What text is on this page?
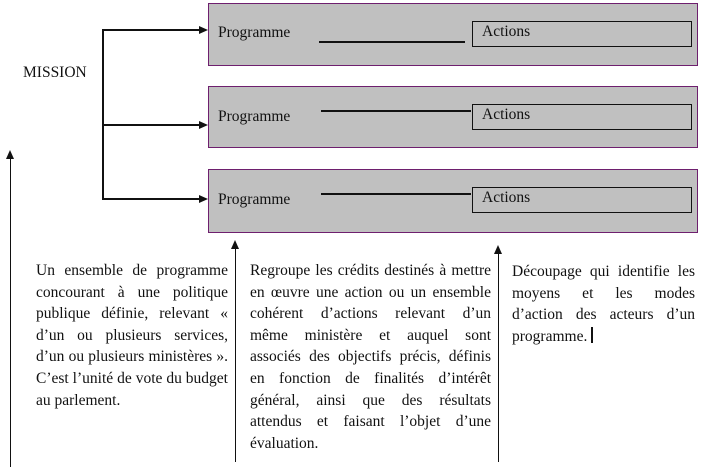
MISSION
Programme	Actions
Programme	Actions
Programme	Actions
Un ensemble de programme concourant à une politique publique définie, relevant « d’un ou plusieurs services, d’un ou plusieurs ministères ». C’est l’unité de vote du budget au parlement.
Regroupe les crédits destinés à mettre en œuvre une action ou un ensemble cohérent d’actions relevant d’un même ministère et auquel sont associés des objectifs précis, définis en fonction de finalités d’intérêt général, ainsi que des résultats attendus et faisant l’objet d’une évaluation.
Découpage qui identifie les moyens et les modes d’action des acteurs d’un programme.
